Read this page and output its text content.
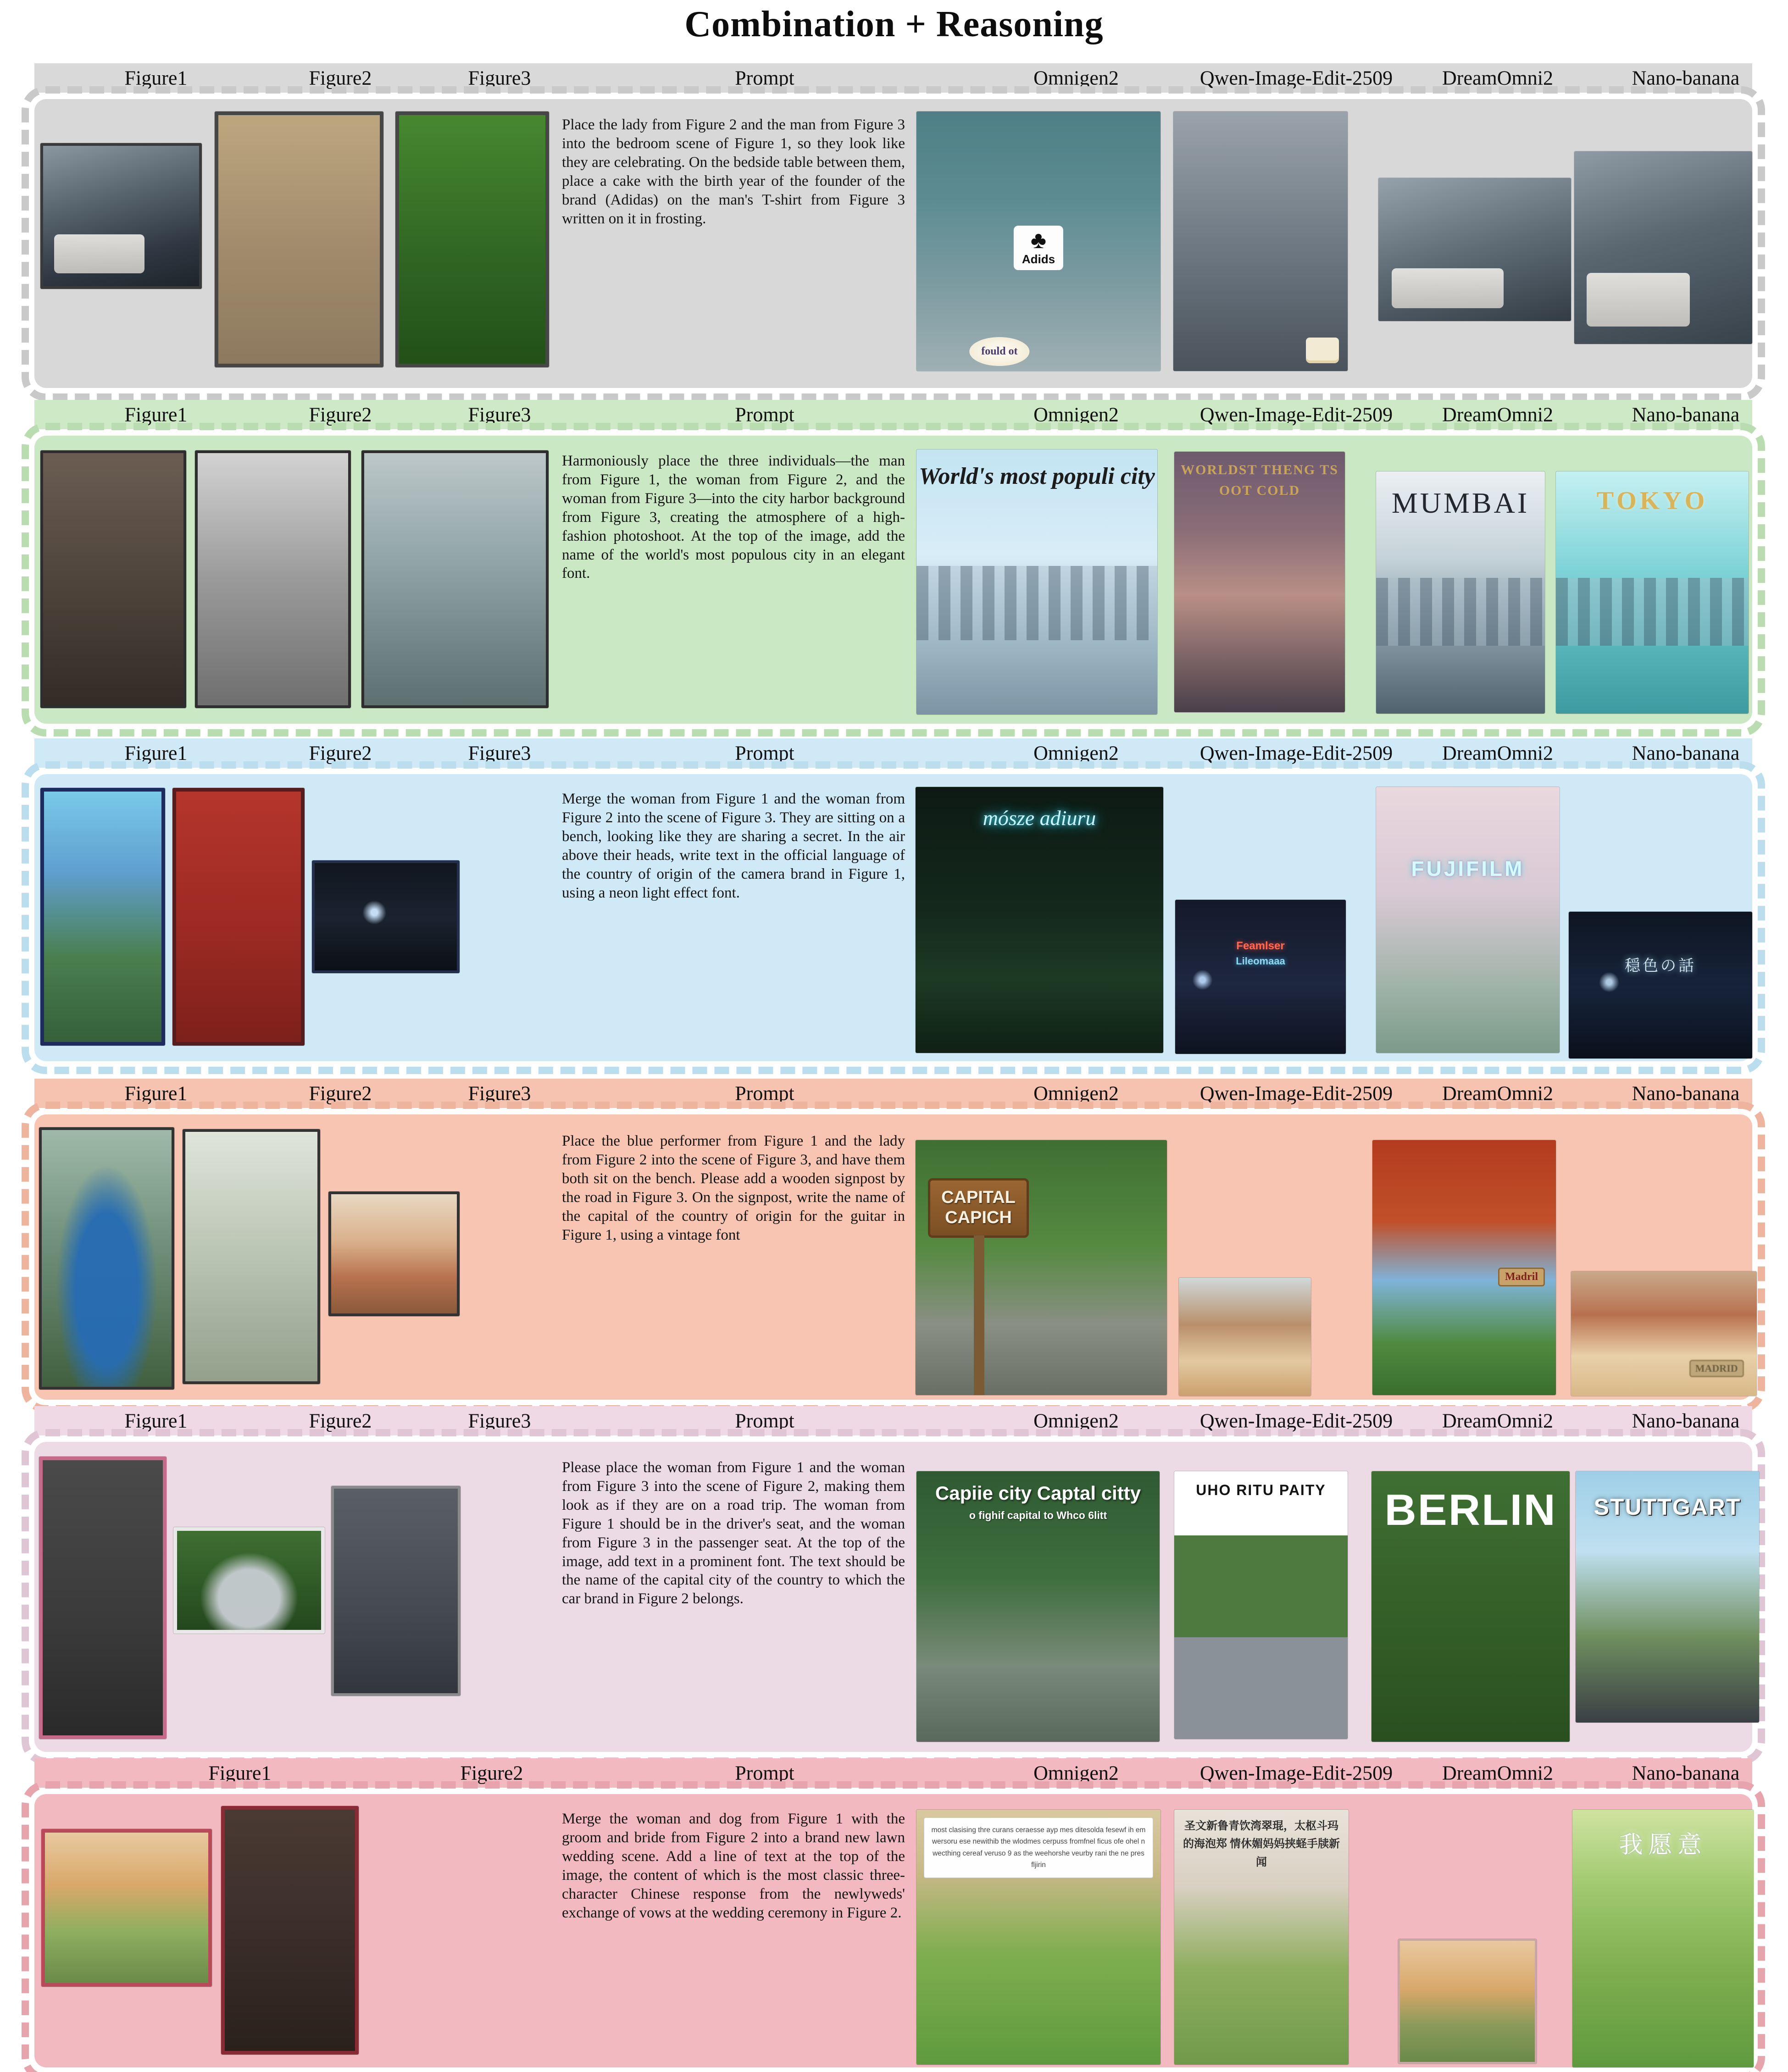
Combination + Reasoning
Figure1	Figure2	Figure3	Prompt	Omnigen2	Qwen-Image-Edit-2509 DreamOmni2	Nano-banana

Place the lady from Figure 2 and the man from Figure 3 into the bedroom scene of Figure 1, so they look like they are celebrating. On the bedside table between them, place a cake with the birth year of the founder of the brand (Adidas) on the man's T-shirt from Figure 3 written on it in frosting.

♣ Adids
fould ot
Figure1	Figure2	Figure3	Prompt	Omnigen2	Qwen-Image-Edit-2509 DreamOmni2	Nano-banana

Harmoniously place the three individuals—the man from Figure 1, the woman from Figure 2, and the woman from Figure 3—into the city harbor background from Figure 3, creating the atmosphere of a high-fashion photoshoot. At the top of the image, add the name of the world's most populous city in an elegant font.

World's most populi city	WORLDST THENG TS
OOT COLD	MUMBAI	TOKYO
Figure1	Figure2	Figure3	Prompt	Omnigen2	Qwen-Image-Edit-2509 DreamOmni2	Nano-banana

Merge the woman from Figure 1 and the woman from Figure 2 into the scene of Figure 3. They are sitting on a bench, looking like they are sharing a secret. In the air above their heads, write text in the official language of the country of origin of the camera brand in Figure 1, using a neon light effect font.

mósze adiuru
Feamlser
Lileomaaa
FUJIFILM
穏色の話
Figure1	Figure2	Figure3	Prompt	Omnigen2	Qwen-Image-Edit-2509 DreamOmni2	Nano-banana

Place the blue performer from Figure 1 and the lady from Figure 2 into the scene of Figure 3, and have them both sit on the bench. Please add a wooden signpost by the road in Figure 3. On the signpost, write the name of the capital of the country of origin for the guitar in Figure 1, using a vintage font

CAPITAL
CAPICH
Madril
MADRID
Figure1	Figure2	Figure3	Prompt	Omnigen2	Qwen-Image-Edit-2509 DreamOmni2	Nano-banana

Please place the woman from Figure 1 and the woman from Figure 3 into the scene of Figure 2, making them look as if they are on a road trip. The woman from Figure 1 should be in the driver's seat, and the woman from Figure 3 in the passenger seat. At the top of the image, add text in a prominent font. The text should be the name of the capital city of the country to which the car brand in Figure 2 belongs.

Capiie city Captal citty
o fighif capital to Whco 6litt
UHO RITU PAITY	BERLIN	STUTTGART
Figure1	Figure2	Prompt	Omnigen2	Qwen-Image-Edit-2509 DreamOmni2	Nano-banana

Merge the woman and dog from Figure 1 with the groom and bride from Figure 2 into a brand new lawn wedding scene. Add a line of text at the top of the image, the content of which is the most classic three-character Chinese response from the newlyweds' exchange of vows at the wedding ceremony in Figure 2.

most clasising thre curans ceraesse ayp mes ditesolda fesewf ih em wersoru ese newithib the wlodmes cerpuss fromfnel ficus ofe ohel n wecthing cereaf veruso 9 as the weehorshe veurby rani the ne pres fljirin
圣文新鲁青饮湾翠琨，太枢斗玛的海泡郑 情休媚妈妈挟蛏手牍新闻
我愿意
